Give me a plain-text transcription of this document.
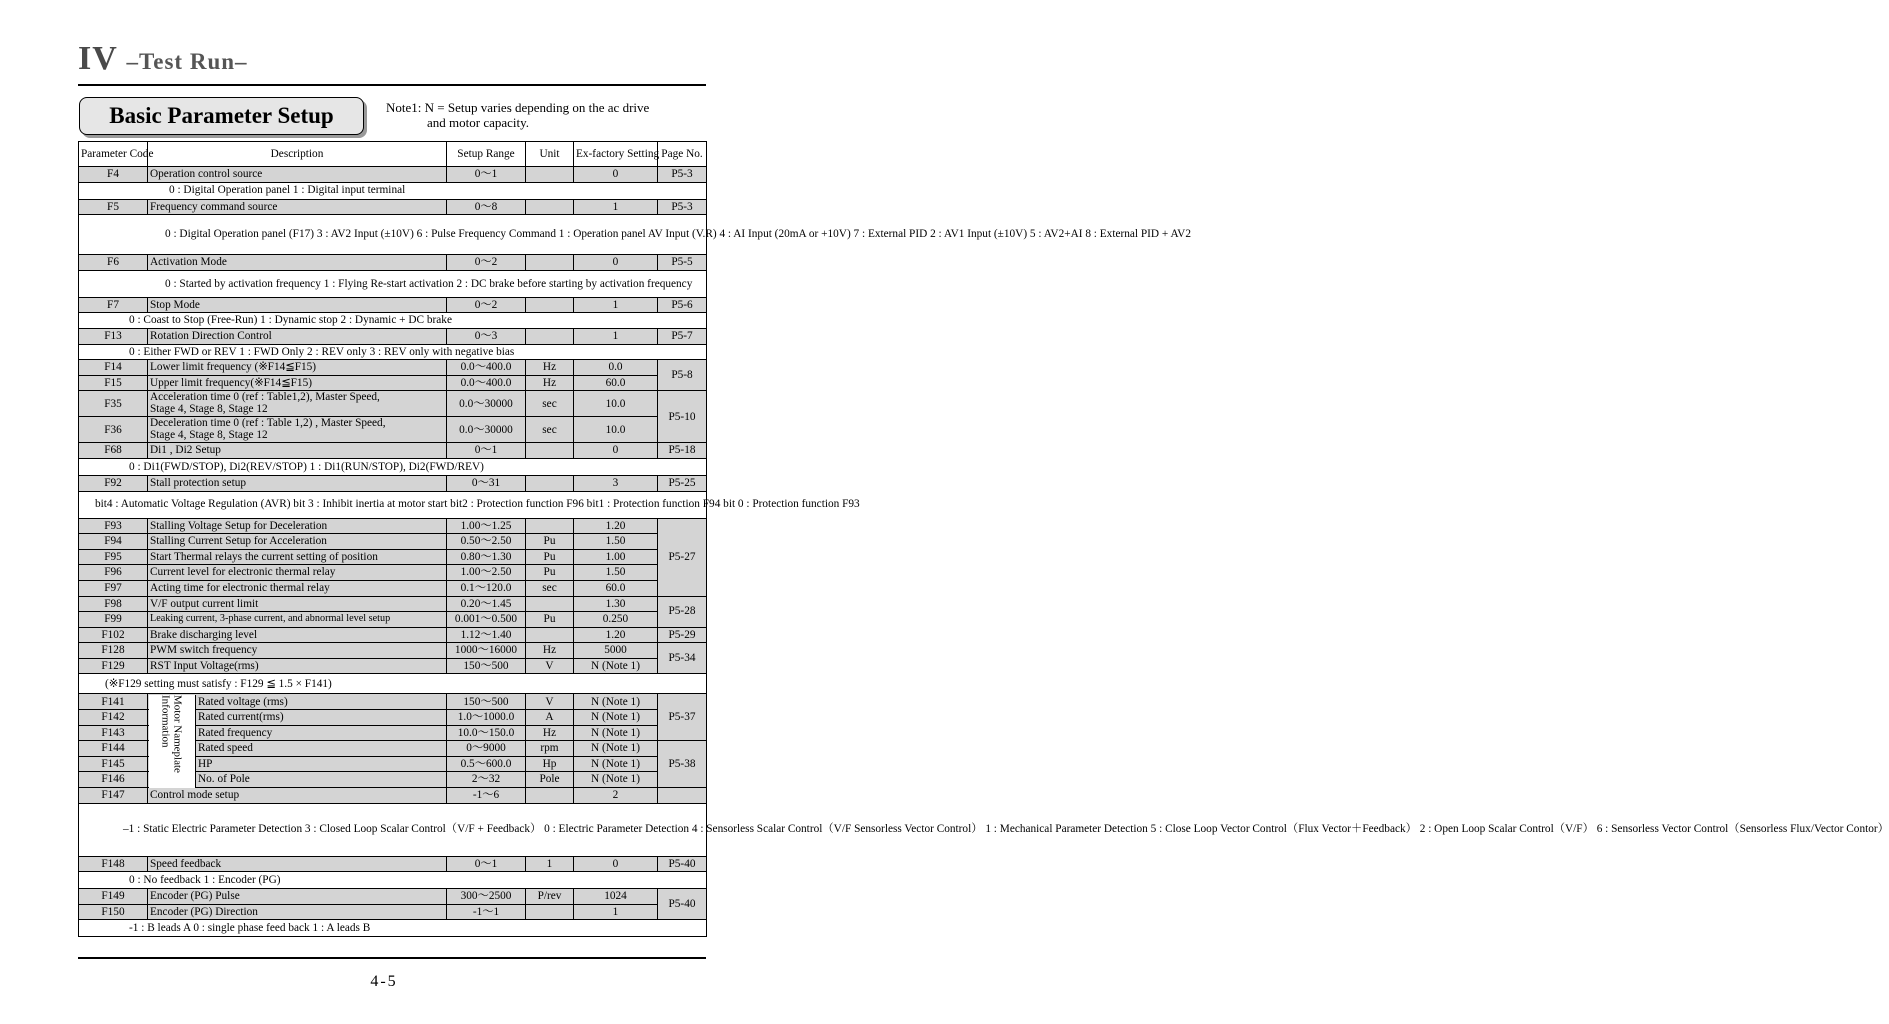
IV –Test Run–
Basic Parameter Setup	Note1: N = Setup varies depending on the ac drive
and motor capacity.
Parameter Code	Description	Setup Range	Unit	Ex-factory Setting	Page No.
F4	Operation control source	0～1		0	P5-3
0 : Digital Operation panel 1 : Digital input terminal					
F5	Frequency command source	0～8		1	P5-3
0 : Digital Operation panel (F17) 3 : AV2 Input (±10V) 6 : Pulse Frequency Command 1 : Operation panel AV Input (V.R) 4 : AI Input (20mA or +10V) 7 : External PID 2 : AV1 Input (±10V) 5 : AV2+AI 8 : External PID + AV2					
F6	Activation Mode	0～2		0	P5-5
0 : Started by activation frequency 1 : Flying Re-start activation 2 : DC brake before starting by activation frequency					
F7	Stop Mode	0～2		1	P5-6
0 : Coast to Stop (Free-Run) 1 : Dynamic stop 2 : Dynamic + DC brake					
F13	Rotation Direction Control	0～3		1	P5-7
0 : Either FWD or REV 1 : FWD Only 2 : REV only 3 : REV only with negative bias					
F14	Lower limit frequency (※F14≦F15)	0.0～400.0	Hz	0.0	P5-8
F15	Upper limit frequency(※F14≦F15)	0.0～400.0	Hz	60.0	
F35	Acceleration time 0 (ref : Table1,2), Master Speed,
Stage 4, Stage 8, Stage 12	0.0～30000	sec	10.0	P5-10
F36	Deceleration time 0 (ref : Table 1,2) , Master Speed,
Stage 4, Stage 8, Stage 12	0.0～30000	sec	10.0	
F68	Di1 , Di2 Setup	0～1		0	P5-18
0 : Di1(FWD/STOP), Di2(REV/STOP) 1 : Di1(RUN/STOP), Di2(FWD/REV)					
F92	Stall protection setup	0～31		3	P5-25
bit4 : Automatic Voltage Regulation (AVR) bit 3 : Inhibit inertia at motor start bit2 : Protection function F96 bit1 : Protection function F94 bit 0 : Protection function F93					
F93	Stalling Voltage Setup for Deceleration	1.00～1.25		1.20	P5-27
F94	Stalling Current Setup for Acceleration	0.50～2.50	Pu	1.50	
F95	Start Thermal relays the current setting of position	0.80～1.30	Pu	1.00	
F96	Current level for electronic thermal relay	1.00～2.50	Pu	1.50	
F97	Acting time for electronic thermal relay	0.1～120.0	sec	60.0	
F98	V/F output current limit	0.20～1.45		1.30	P5-28
F99	Leaking current, 3-phase current, and abnormal level setup	0.001～0.500	Pu	0.250	
F102	Brake discharging level	1.12～1.40		1.20	P5-29
F128	PWM switch frequency	1000～16000	Hz	5000	P5-34
F129	RST Input Voltage(rms)	150～500	V	N (Note 1)	
(※F129 setting must satisfy : F129 ≦ 1.5 × F141)					
F141	Rated voltage (rms)	150～500	V	N (Note 1)	P5-37
F142	Rated current(rms)	1.0～1000.0	A	N (Note 1)	
F143	Rated frequency	10.0～150.0	Hz	N (Note 1)	
F144	Rated speed	0～9000	rpm	N (Note 1)	P5-38
F145	HP	0.5～600.0	Hp	N (Note 1)	
F146	No. of Pole	2～32	Pole	N (Note 1)	
F147	Control mode setup	-1～6		2	
–1 : Static Electric Parameter Detection 3 : Closed Loop Scalar Control（V/F + Feedback） 0 : Electric Parameter Detection 4 : Sensorless Scalar Control（V/F Sensorless Vector Control） 1 : Mechanical Parameter Detection 5 : Close Loop Vector Control（Flux Vector＋Feedback） 2 : Open Loop Scalar Control（V/F） 6 : Sensorless Vector Control（Sensorless Flux/Vector Contor）					
F148	Speed feedback	0～1	1	0	P5-40
0 : No feedback 1 : Encoder (PG)					
F149	Encoder (PG) Pulse	300～2500	P/rev	1024	P5-40
F150	Encoder (PG) Direction	-1～1		1	
-1 : B leads A 0 : single phase feed back 1 : A leads B					
Motor Nameplate
Information
4-5
